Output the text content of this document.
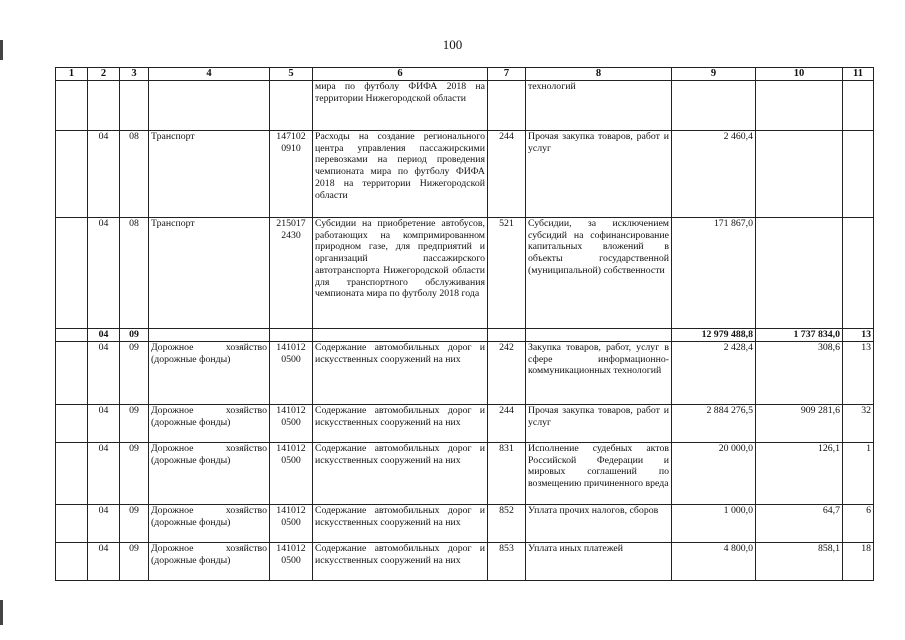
100
1	2	3	4	5	6	7	8	9	10	11
					мира по футболу ФИФА 2018 на территории Нижегородской области		технологий			
	04	08	Транспорт	147102 0910	Расходы на создание регионального центра управления пассажирскими перевозками на период проведения чемпионата мира по футболу ФИФА 2018 на территории Нижегородской области	244	Прочая закупка товаров, работ и услуг	2 460,4		
	04	08	Транспорт	215017 2430	Субсидии на приобретение автобусов, работающих на компримированном природном газе, для предприятий и организаций пассажирского автотранспорта Нижегородской области для транспортного обслуживания чемпионата мира по футболу 2018 года	521	Субсидии, за исключением субсидий на софинансирование капитальных вложений в объекты государственной (муниципальной) собственности	171 867,0		
	04	09						12 979 488,8	1 737 834,0	13
	04	09	Дорожное хозяйство (дорожные фонды)	141012 0500	Содержание автомобильных дорог и искусственных сооружений на них	242	Закупка товаров, работ, услуг в сфере информационно-коммуникационных технологий	2 428,4	308,6	13
	04	09	Дорожное хозяйство (дорожные фонды)	141012 0500	Содержание автомобильных дорог и искусственных сооружений на них	244	Прочая закупка товаров, работ и услуг	2 884 276,5	909 281,6	32
	04	09	Дорожное хозяйство (дорожные фонды)	141012 0500	Содержание автомобильных дорог и искусственных сооружений на них	831	Исполнение судебных актов Российской Федерации и мировых соглашений по возмещению причиненного вреда	20 000,0	126,1	1
	04	09	Дорожное хозяйство (дорожные фонды)	141012 0500	Содержание автомобильных дорог и искусственных сооружений на них	852	Уплата прочих налогов, сборов	1 000,0	64,7	6
	04	09	Дорожное хозяйство (дорожные фонды)	141012 0500	Содержание автомобильных дорог и искусственных сооружений на них	853	Уплата иных платежей	4 800,0	858,1	18
